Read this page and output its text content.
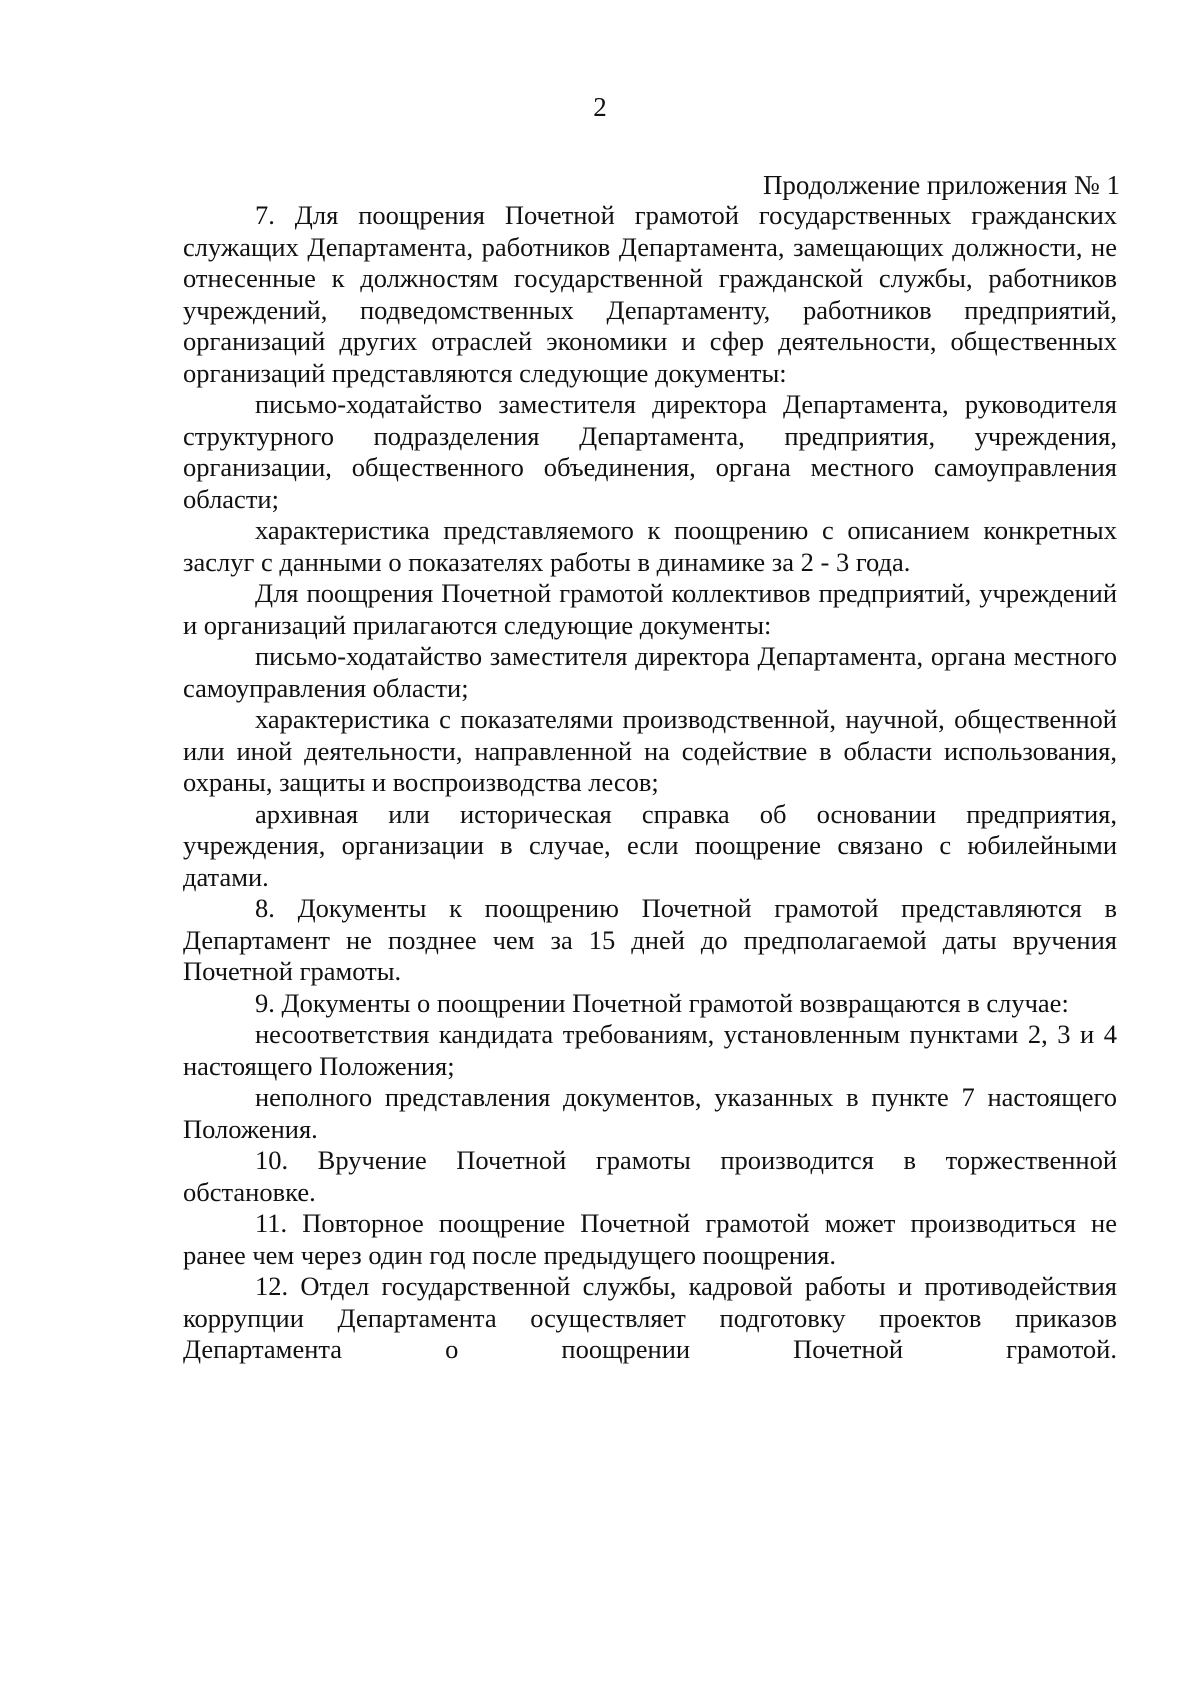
2
Продолжение приложения № 1

7. Для поощрения Почетной грамотой государственных гражданских служащих Департамента, работников Департамента, замещающих должности, не отнесенные к должностям государственной гражданской службы, работников учреждений, подведомственных Департаменту, работников предприятий, организаций других отраслей экономики и сфер деятельности, общественных организаций представляются следующие документы:

письмо-ходатайство заместителя директора Департамента, руководителя структурного подразделения Департамента, предприятия, учреждения, организации, общественного объединения, органа местного самоуправления области;

характеристика представляемого к поощрению с описанием конкретных заслуг с данными о показателях работы в динамике за 2 - 3 года.

Для поощрения Почетной грамотой коллективов предприятий, учреждений и организаций прилагаются следующие документы:

письмо-ходатайство заместителя директора Департамента, органа местного самоуправления области;

характеристика с показателями производственной, научной, общественной или иной деятельности, направленной на содействие в области использования, охраны, защиты и воспроизводства лесов;

архивная или историческая справка об основании предприятия, учреждения, организации в случае, если поощрение связано с юбилейными датами.

8. Документы к поощрению Почетной грамотой представляются в Департамент не позднее чем за 15 дней до предполагаемой даты вручения Почетной грамоты.

9. Документы о поощрении Почетной грамотой возвращаются в случае:

несоответствия кандидата требованиям, установленным пунктами 2, 3 и 4 настоящего Положения;

неполного представления документов, указанных в пункте 7 настоящего Положения.

10. Вручение Почетной грамоты производится в торжественной обстановке.

11. Повторное поощрение Почетной грамотой может производиться не ранее чем через один год после предыдущего поощрения.

12. Отдел государственной службы, кадровой работы и противодействия коррупции Департамента осуществляет подготовку проектов приказов Департамента о поощрении Почетной грамотой.
